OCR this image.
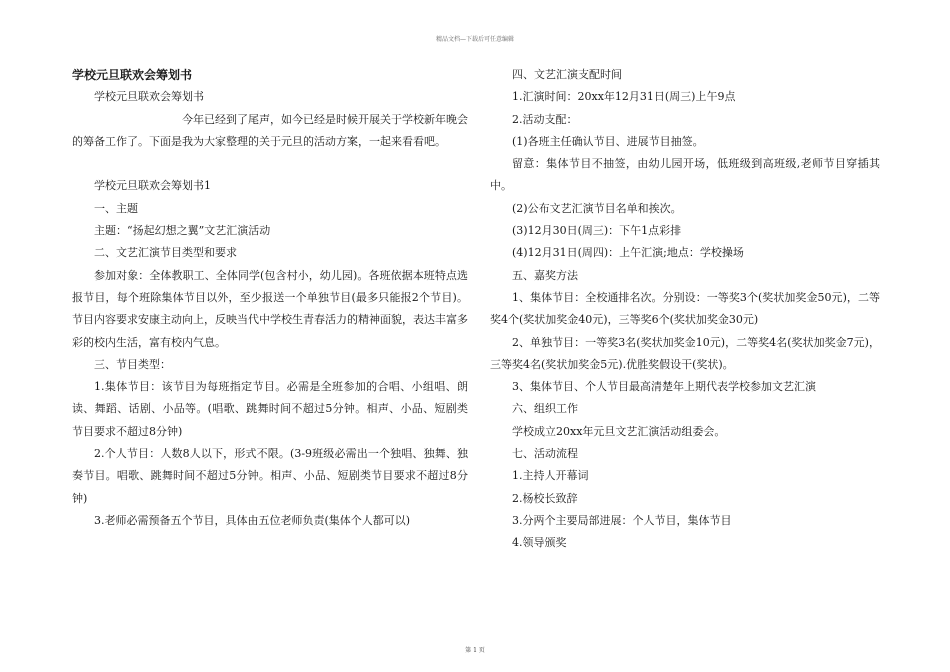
精品文档—下载后可任意编辑

学校元旦联欢会筹划书

学校元旦联欢会筹划书

今年已经到了尾声，如今已经是时候开展关于学校新年晚会的筹备工作了。下面是我为大家整理的关于元旦的活动方案，一起来看看吧。

学校元旦联欢会筹划书1

一、主题

主题：“扬起幻想之翼”文艺汇演活动

二、文艺汇演节目类型和要求

参加对象：全体教职工、全体同学(包含村小，幼儿园)。各班依据本班特点选报节目，每个班除集体节目以外，至少报送一个单独节目(最多只能报2个节目)。节目内容要求安康主动向上，反映当代中学校生青春活力的精神面貌，表达丰富多彩的校内生活，富有校内气息。

三、节目类型：

1.集体节目：该节目为每班指定节目。必需是全班参加的合唱、小组唱、朗读、舞蹈、话剧、小品等。(唱歌、跳舞时间不超过5分钟。相声、小品、短剧类节目要求不超过8分钟)

2.个人节目：人数8人以下，形式不限。(3-9班级必需出一个独唱、独舞、独奏节目。唱歌、跳舞时间不超过5分钟。相声、小品、短剧类节目要求不超过8分钟)

3.老师必需预备五个节目，具体由五位老师负责(集体个人都可以)

四、文艺汇演支配时间

1.汇演时间：20xx年12月31日(周三)上午9点

2.活动支配：

(1)各班主任确认节目、进展节目抽签。

留意：集体节目不抽签，由幼儿园开场，低班级到高班级,老师节目穿插其中。

(2)公布文艺汇演节目名单和挨次。

(3)12月30日(周三)：下午1点彩排

(4)12月31日(周四)：上午汇演;地点：学校操场

五、嘉奖方法

1、集体节目：全校通排名次。分别设：一等奖3个(奖状加奖金50元)，二等奖4个(奖状加奖金40元)，三等奖6个(奖状加奖金30元)

2、单独节目：一等奖3名(奖状加奖金10元)，二等奖4名(奖状加奖金7元)，三等奖4名(奖状加奖金5元).优胜奖假设干(奖状)。

3、集体节目、个人节目最高清楚年上期代表学校参加文艺汇演

六、组织工作

学校成立20xx年元旦文艺汇演活动组委会。

七、活动流程

1.主持人开幕词

2.杨校长致辞

3.分两个主要局部进展：个人节目，集体节目

4.领导颁奖

第 1 页
